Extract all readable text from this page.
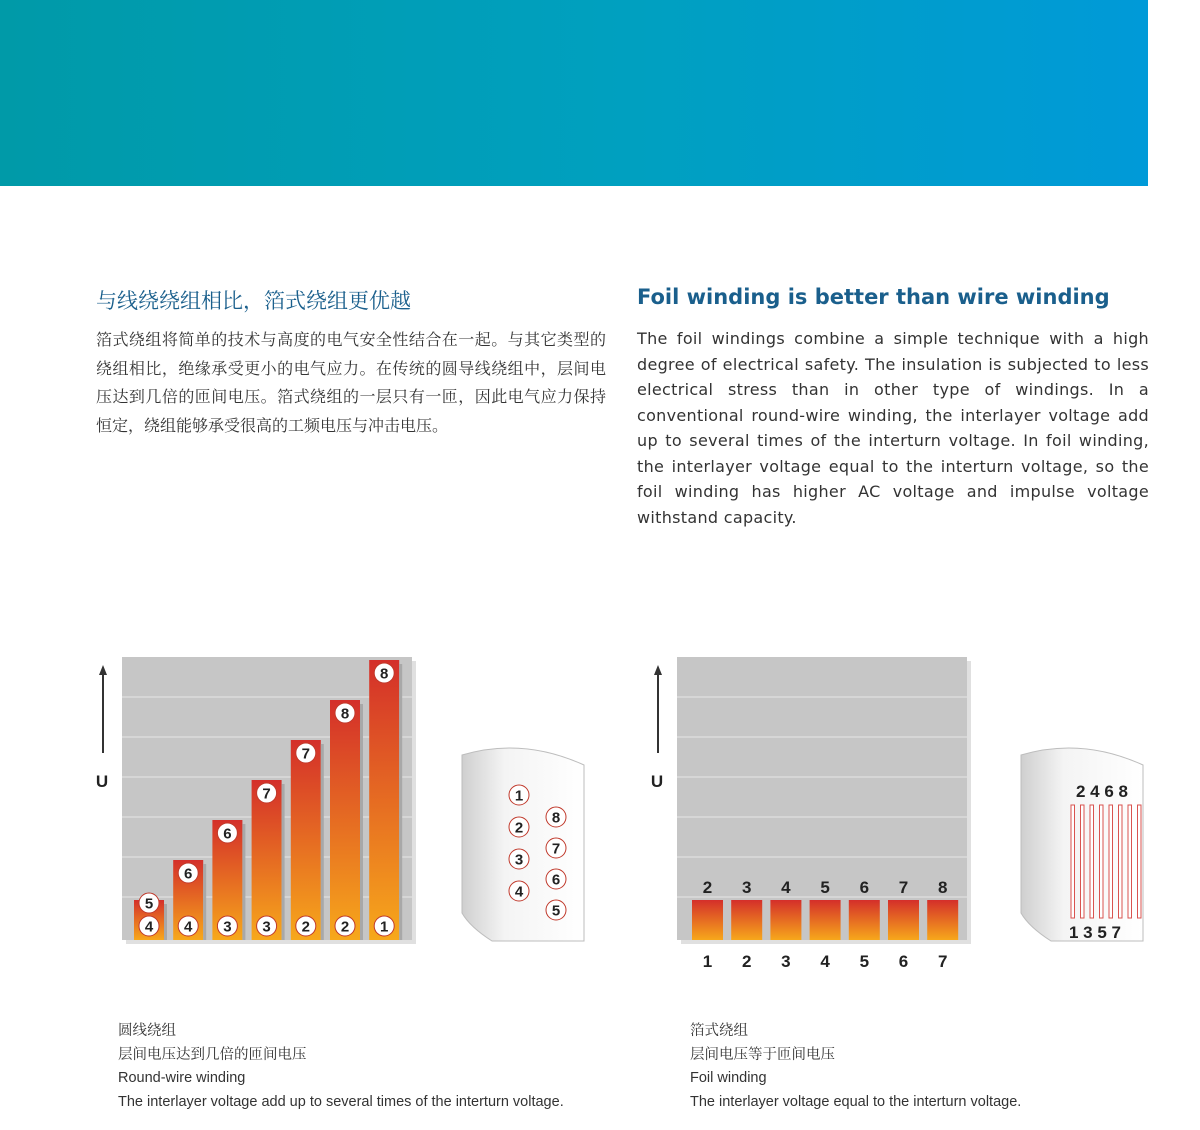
与线绕绕组相比，箔式绕组更优越

箔式绕组将简单的技术与高度的电气安全性结合在一起。与其它类型的绕组相比，绝缘承受更小的电气应力。在传统的圆导线绕组中，层间电压达到几倍的匝间电压。箔式绕组的一层只有一匝，因此电气应力保持恒定，绕组能够承受很高的工频电压与冲击电压。

Foil winding is better than wire winding

The foil windings combine a simple technique with a high degree of electrical safety. The insulation is subjected to less electrical stress than in other type of windings. In a conventional round-wire winding, the interlayer voltage add up to several times of the interturn voltage. In foil winding, the interlayer voltage equal to the interturn voltage, so the foil winding has higher AC voltage and impulse voltage withstand capacity.

U
4
5
4
6
3
6
3
7
2
7
2
8
1
8
1
2
3
4
8
7
6
5
U
2
1
3
2
4
3
5
4
6
5
7
6
8
7
2 4 6 8
1 3 5 7
圆线绕组
层间电压达到几倍的匝间电压
Round-wire winding
The interlayer voltage add up to several times of the interturn voltage.
箔式绕组
层间电压等于匝间电压
Foil winding
The interlayer voltage equal to the interturn voltage.
